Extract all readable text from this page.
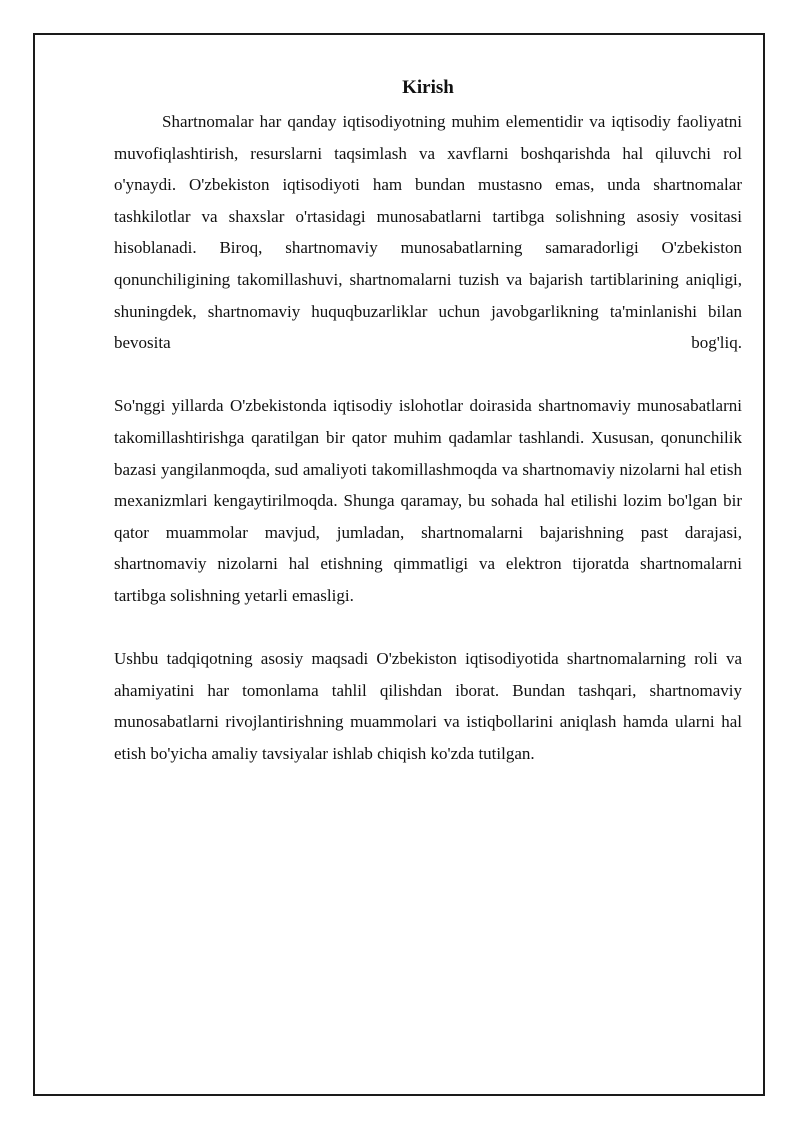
Kirish

Shartnomalar har qanday iqtisodiyotning muhim elementidir va iqtisodiy faoliyatni muvofiqlashtirish, resurslarni taqsimlash va xavflarni boshqarishda hal qiluvchi rol o'ynaydi. O'zbekiston iqtisodiyoti ham bundan mustasno emas, unda shartnomalar tashkilotlar va shaxslar o'rtasidagi munosabatlarni tartibga solishning asosiy vositasi hisoblanadi. Biroq, shartnomaviy munosabatlarning samaradorligi O'zbekiston qonunchiligining takomillashuvi, shartnomalarni tuzish va bajarish tartiblarining aniqligi, shuningdek, shartnomaviy huquqbuzarliklar uchun javobgarlikning ta'minlanishi bilan bevosita bog'liq.

So'nggi yillarda O'zbekistonda iqtisodiy islohotlar doirasida shartnomaviy munosabatlarni takomillashtirishga qaratilgan bir qator muhim qadamlar tashlandi. Xususan, qonunchilik bazasi yangilanmoqda, sud amaliyoti takomillashmoqda va shartnomaviy nizolarni hal etish mexanizmlari kengaytirilmoqda. Shunga qaramay, bu sohada hal etilishi lozim bo'lgan bir qator muammolar mavjud, jumladan, shartnomalarni bajarishning past darajasi, shartnomaviy nizolarni hal etishning qimmatligi va elektron tijoratda shartnomalarni tartibga solishning yetarli emasligi.

Ushbu tadqiqotning asosiy maqsadi O'zbekiston iqtisodiyotida shartnomalarning roli va ahamiyatini har tomonlama tahlil qilishdan iborat. Bundan tashqari, shartnomaviy munosabatlarni rivojlantirishning muammolari va istiqbollarini aniqlash hamda ularni hal etish bo'yicha amaliy tavsiyalar ishlab chiqish ko'zda tutilgan.
